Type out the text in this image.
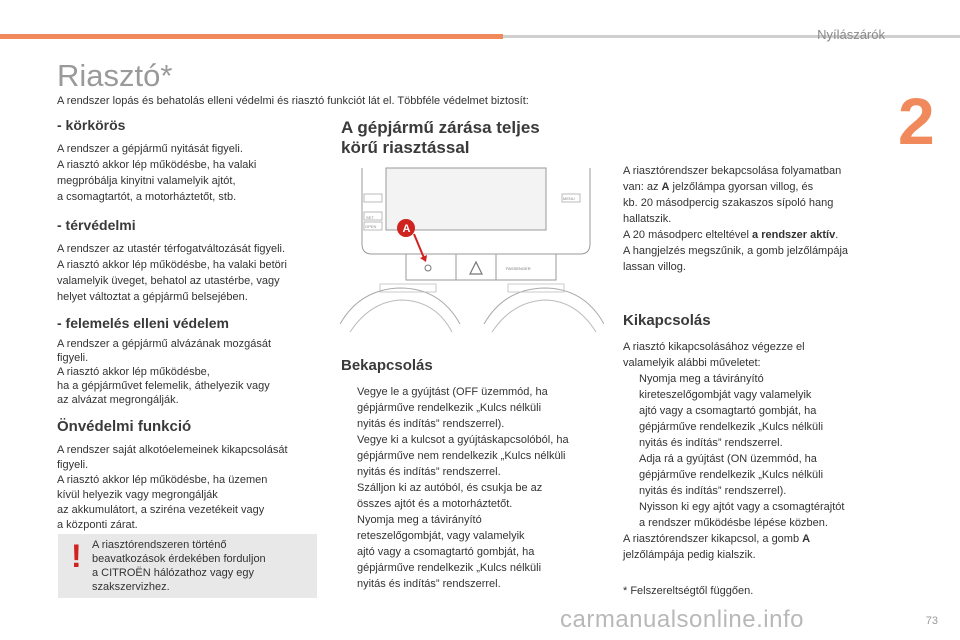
Nyílászárók
2
Riasztó*
A rendszer lopás és behatolás elleni védelmi és riasztó funkciót lát el. Többféle védelmet biztosít:

- körkörös

A rendszer a gépjármű nyitását figyeli.

A riasztó akkor lép működésbe, ha valaki

megpróbálja kinyitni valamelyik ajtót,

a csomagtartót, a motorháztetőt, stb.

- térvédelmi

A rendszer az utastér térfogatváltozását figyeli.

A riasztó akkor lép működésbe, ha valaki betöri

valamelyik üveget, behatol az utastérbe, vagy

helyet változtat a gépjármű belsejében.

- felemelés elleni védelem

A rendszer a gépjármű alvázának mozgását

figyeli.

A riasztó akkor lép működésbe,

ha a gépjárművet felemelik, áthelyezik vagy

az alvázat megrongálják.

Önvédelmi funkció

A rendszer saját alkotóelemeinek kikapcsolását

figyeli.

A riasztó akkor lép működésbe, ha üzemen

kívül helyezik vagy megrongálják

az akkumulátort, a szirénа vezetékeit vagy

a központi zárat.

! A riasztórendszeren történő
beavatkozások érdekében forduljon
a CITROËN hálózathoz vagy egy
szakszervizhez.

A gépjármű zárása teljes

körű riasztással

SET
OPEN
MENU
PASSENGER
A

Bekapcsolás

Vegye le a gyújtást (OFF üzemmód, ha

gépjárműve rendelkezik „Kulcs nélküli

nyitás és indítás” rendszerrel).

Vegye ki a kulcsot a gyújtáskapcsolóból, ha

gépjárműve nem rendelkezik „Kulcs nélküli

nyitás és indítás” rendszerrel.

Szálljon ki az autóból, és csukja be az

összes ajtót és a motorháztetőt.

Nyomja meg a távirányító

reteszelőgombját, vagy valamelyik

ajtó vagy a csomagtartó gombját, ha

gépjárműve rendelkezik „Kulcs nélküli

nyitás és indítás” rendszerrel.

A riasztórendszer bekapcsolása folyamatban

van: az A jelzőlámpa gyorsan villog, és

kb. 20 másodpercig szakaszos sípoló hang

hallatszik.

A 20 másodperc elteltével a rendszer aktív.

A hangjelzés megszűnik, a gomb jelzőlámpája

lassan villog.

Kikapcsolás

A riasztó kikapcsolásához végezze el

valamelyik alábbi műveletet:

Nyomja meg a távirányító

kireteszelőgombját vagy valamelyik

ajtó vagy a csomagtartó gombját, ha

gépjárműve rendelkezik „Kulcs nélküli

nyitás és indítás” rendszerrel.

Adja rá a gyújtást (ON üzemmód, ha

gépjárműve rendelkezik „Kulcs nélküli

nyitás és indítás” rendszerrel).

Nyisson ki egy ajtót vagy a csomagtérajtót

a rendszer működésbe lépése közben.

A riasztórendszer kikapcsol, a gomb A

jelzőlámpája pedig kialszik.

* Felszereltségtől függően.

carmanualsonline.info	73
